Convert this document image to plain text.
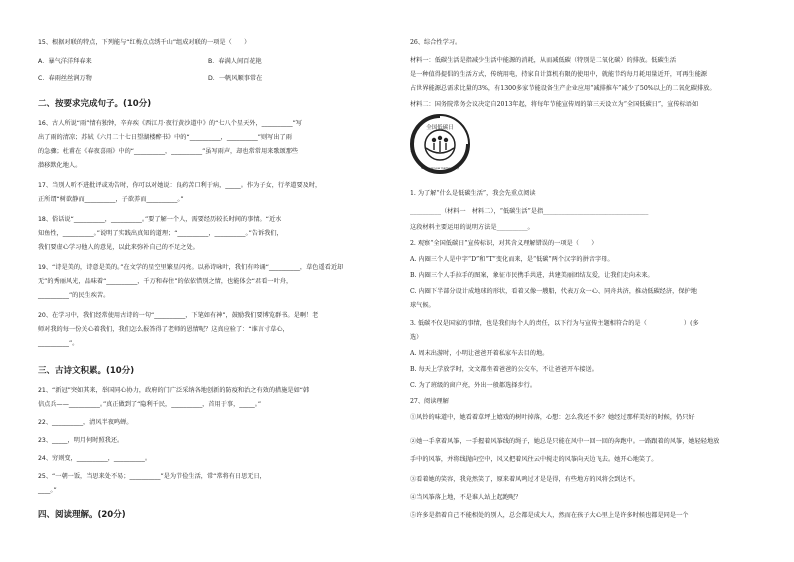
15、根据对联的特点，下列能与“红梅点点绣千山”组成对联的一项是（　　）
A．暴气洋洋拜春来	B．春满人间百花艳
C．春雨丝丝润万物	D．一帆风顺事常在
二、按要求完成句子。(10分)
16、古人所说“雨”情有独钟，辛弃疾《西江月·夜行黄沙道中》的“七八个星天外，__________”写
出了雨的清凉；苏轼《六月二十七日望湖楼醉书》中的“__________，__________”则写出了雨
的急骤；杜甫在《春夜喜雨》中的“__________，__________”虽写雨声，却也常常用来歌颂那些
潜移默化地人。
17、当别人听不进批评或劝告时，你可以对她说：良药苦口利于病，_____。作为子女，行孝道要及时，
正所谓“树欲静而__________，子欲养而__________。”
18、俗话说“__________，__________。”要了解一个人，需要经历较长时间的事情。“近水
知鱼性，__________。”说明了实践出真知的道理；“__________，__________。”告诉我们，
我们要虚心学习他人的意见，以此来弥补自己的不足之处。
19、“诗是美的，诗意是美的。”在文学的星空里繁星闪亮。以孙诗咏叶，我们有吟诵“__________，草色遥看近却
无”的秀丽风光，品味着“__________，千万和春住”的依依惜别之情，也能体会“君看一叶舟，
__________”的民生疾苦。
20、在学习中，我们经常使用古诗的一句“__________，下笔如有神”，鼓励我们要博览群书。是啊！老
师对我的每一份关心着我们，我们怎么报答得了老师的恩情呢？这真应验了：“谁言寸草心，
__________”。
三、古诗文积累。(10分)
21、“新冠”突如其来，举国同心协力，政府的门广泛采纳各地创新的防疫和治之有效的措施是如“韩
信点兵——__________。”真正做到了“隐利千民，__________，首用于事，_____。”
22、__________，清风半夜鸣蝉。
23、_____，明月何时照我还。
24、穷则变，__________，__________。
25、“一朝一饭，当思来处不易；__________”是为节俭生活，常“常将有日思无日，
____。”
四、阅读理解。(20分)
26、综合性学习。
材料一：低碳生活是指减少生活中能源的消耗，从而减低碳（特别是二氧化碳）的排放。低碳生活
是一种值得提倡的生活方式，传统用电，持家自计算机有限的使用中，就能节约每月耗用量近开，可再生能源
占世界能源总需求比量的3%，有1300多家节能设备生产企业应用“减排推车”减少了50%以上的二氧化碳排放。
材料二：国务院常务会议决定自2013年起，将每年节能宣传周的第三天设立为“全国低碳日”，宣传标语如
全国低碳日
National Low Carbon Day
1. 为了解“什么是低碳生活”，我会先重点阅读
__________（材料一　材料二），“低碳生活”是指__________________________________
这段材料主要运用的说明方法是__________。
2. 观察“全国低碳日”宣传标识，对其含义理解错误的一项是（　　）
A. 内圈三个人是中字“D”和“T”变化而来，是“低碳”两个汉字的拼音字母。
B. 内圈三个人手拉手的图案，象征市民携手共进，共建美丽团结友爱，让我们走向未来。
C. 内圈下半部分设计成地球的形状，看着又像一艘船，代表万众一心、同舟共济，推动低碳经济，保护地
球气候。
3. 低碳不仅是国家的事情，也是我们每个人的责任，以下行为与宣传主题相符合的是（　　　　　　）(多
选）
A. 周末出游时，小明让爸爸开着私家车去目的地。
B. 每天上学放学时，文文都坐着爸爸的公交车，不让爸爸开车接送。
C. 为了班级的窗户亮，外出一般都选择步行。
27、阅读理解
①风铃的味道中，她看着草坪上嬉戏的树叶掉落，心想：怎么我还不多？她经过那样美好的时候，仍只好
②她一手拿着风筝，一手握着风筝线的绳子，她总是只能在风中一回一回的奔跑中。一路跟着的风筝，她轻轻地放
手中的风筝，并将线抛向空中，风又把着风往云中搅走的风筝向天边飞去。她开心地笑了。
③看着她的笑容，我竟然笑了，原来着风鸣过才是是得，有些地方的风将会到达不。
④当风筝落上地，不是谁人站上起跑呢？
⑤许多是指着自己不能相处的别人，总会都是成大人，然而在孩子大心里上是许多时候也都是同是一个
